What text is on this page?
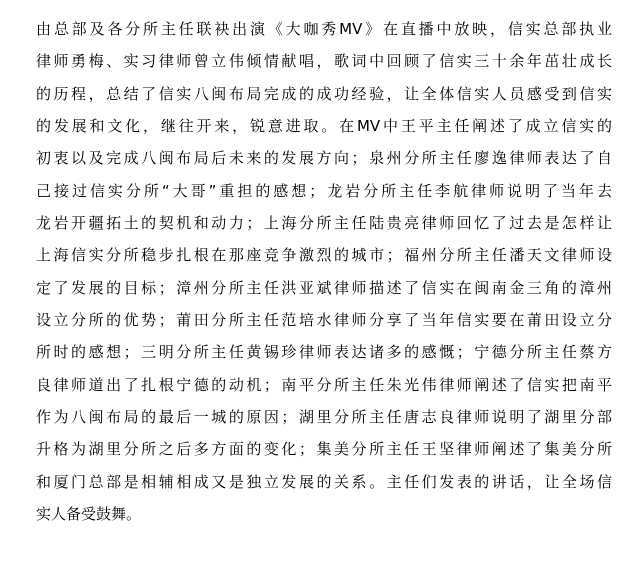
由总部及各分所主任联袂出演《大咖秀MV》在直播中放映，信实总部执业
律师勇梅、实习律师曾立伟倾情献唱，歌词中回顾了信实三十余年茁壮成长
的历程，总结了信实八闽布局完成的成功经验，让全体信实人员感受到信实
的发展和文化，继往开来，锐意进取。在MV中王平主任阐述了成立信实的
初衷以及完成八闽布局后未来的发展方向；泉州分所主任廖逸律师表达了自
己接过信实分所“大哥”重担的感想；龙岩分所主任李航律师说明了当年去
龙岩开疆拓土的契机和动力；上海分所主任陆贵亮律师回忆了过去是怎样让
上海信实分所稳步扎根在那座竞争激烈的城市；福州分所主任潘天文律师设
定了发展的目标；漳州分所主任洪亚斌律师描述了信实在闽南金三角的漳州
设立分所的优势；莆田分所主任范培水律师分享了当年信实要在莆田设立分
所时的感想；三明分所主任黄锡珍律师表达诸多的感慨；宁德分所主任蔡方
良律师道出了扎根宁德的动机；南平分所主任朱光伟律师阐述了信实把南平
作为八闽布局的最后一城的原因；湖里分所主任唐志良律师说明了湖里分部
升格为湖里分所之后多方面的变化；集美分所主任王坚律师阐述了集美分所
和厦门总部是相辅相成又是独立发展的关系。主任们发表的讲话，让全场信
实人备受鼓舞。
